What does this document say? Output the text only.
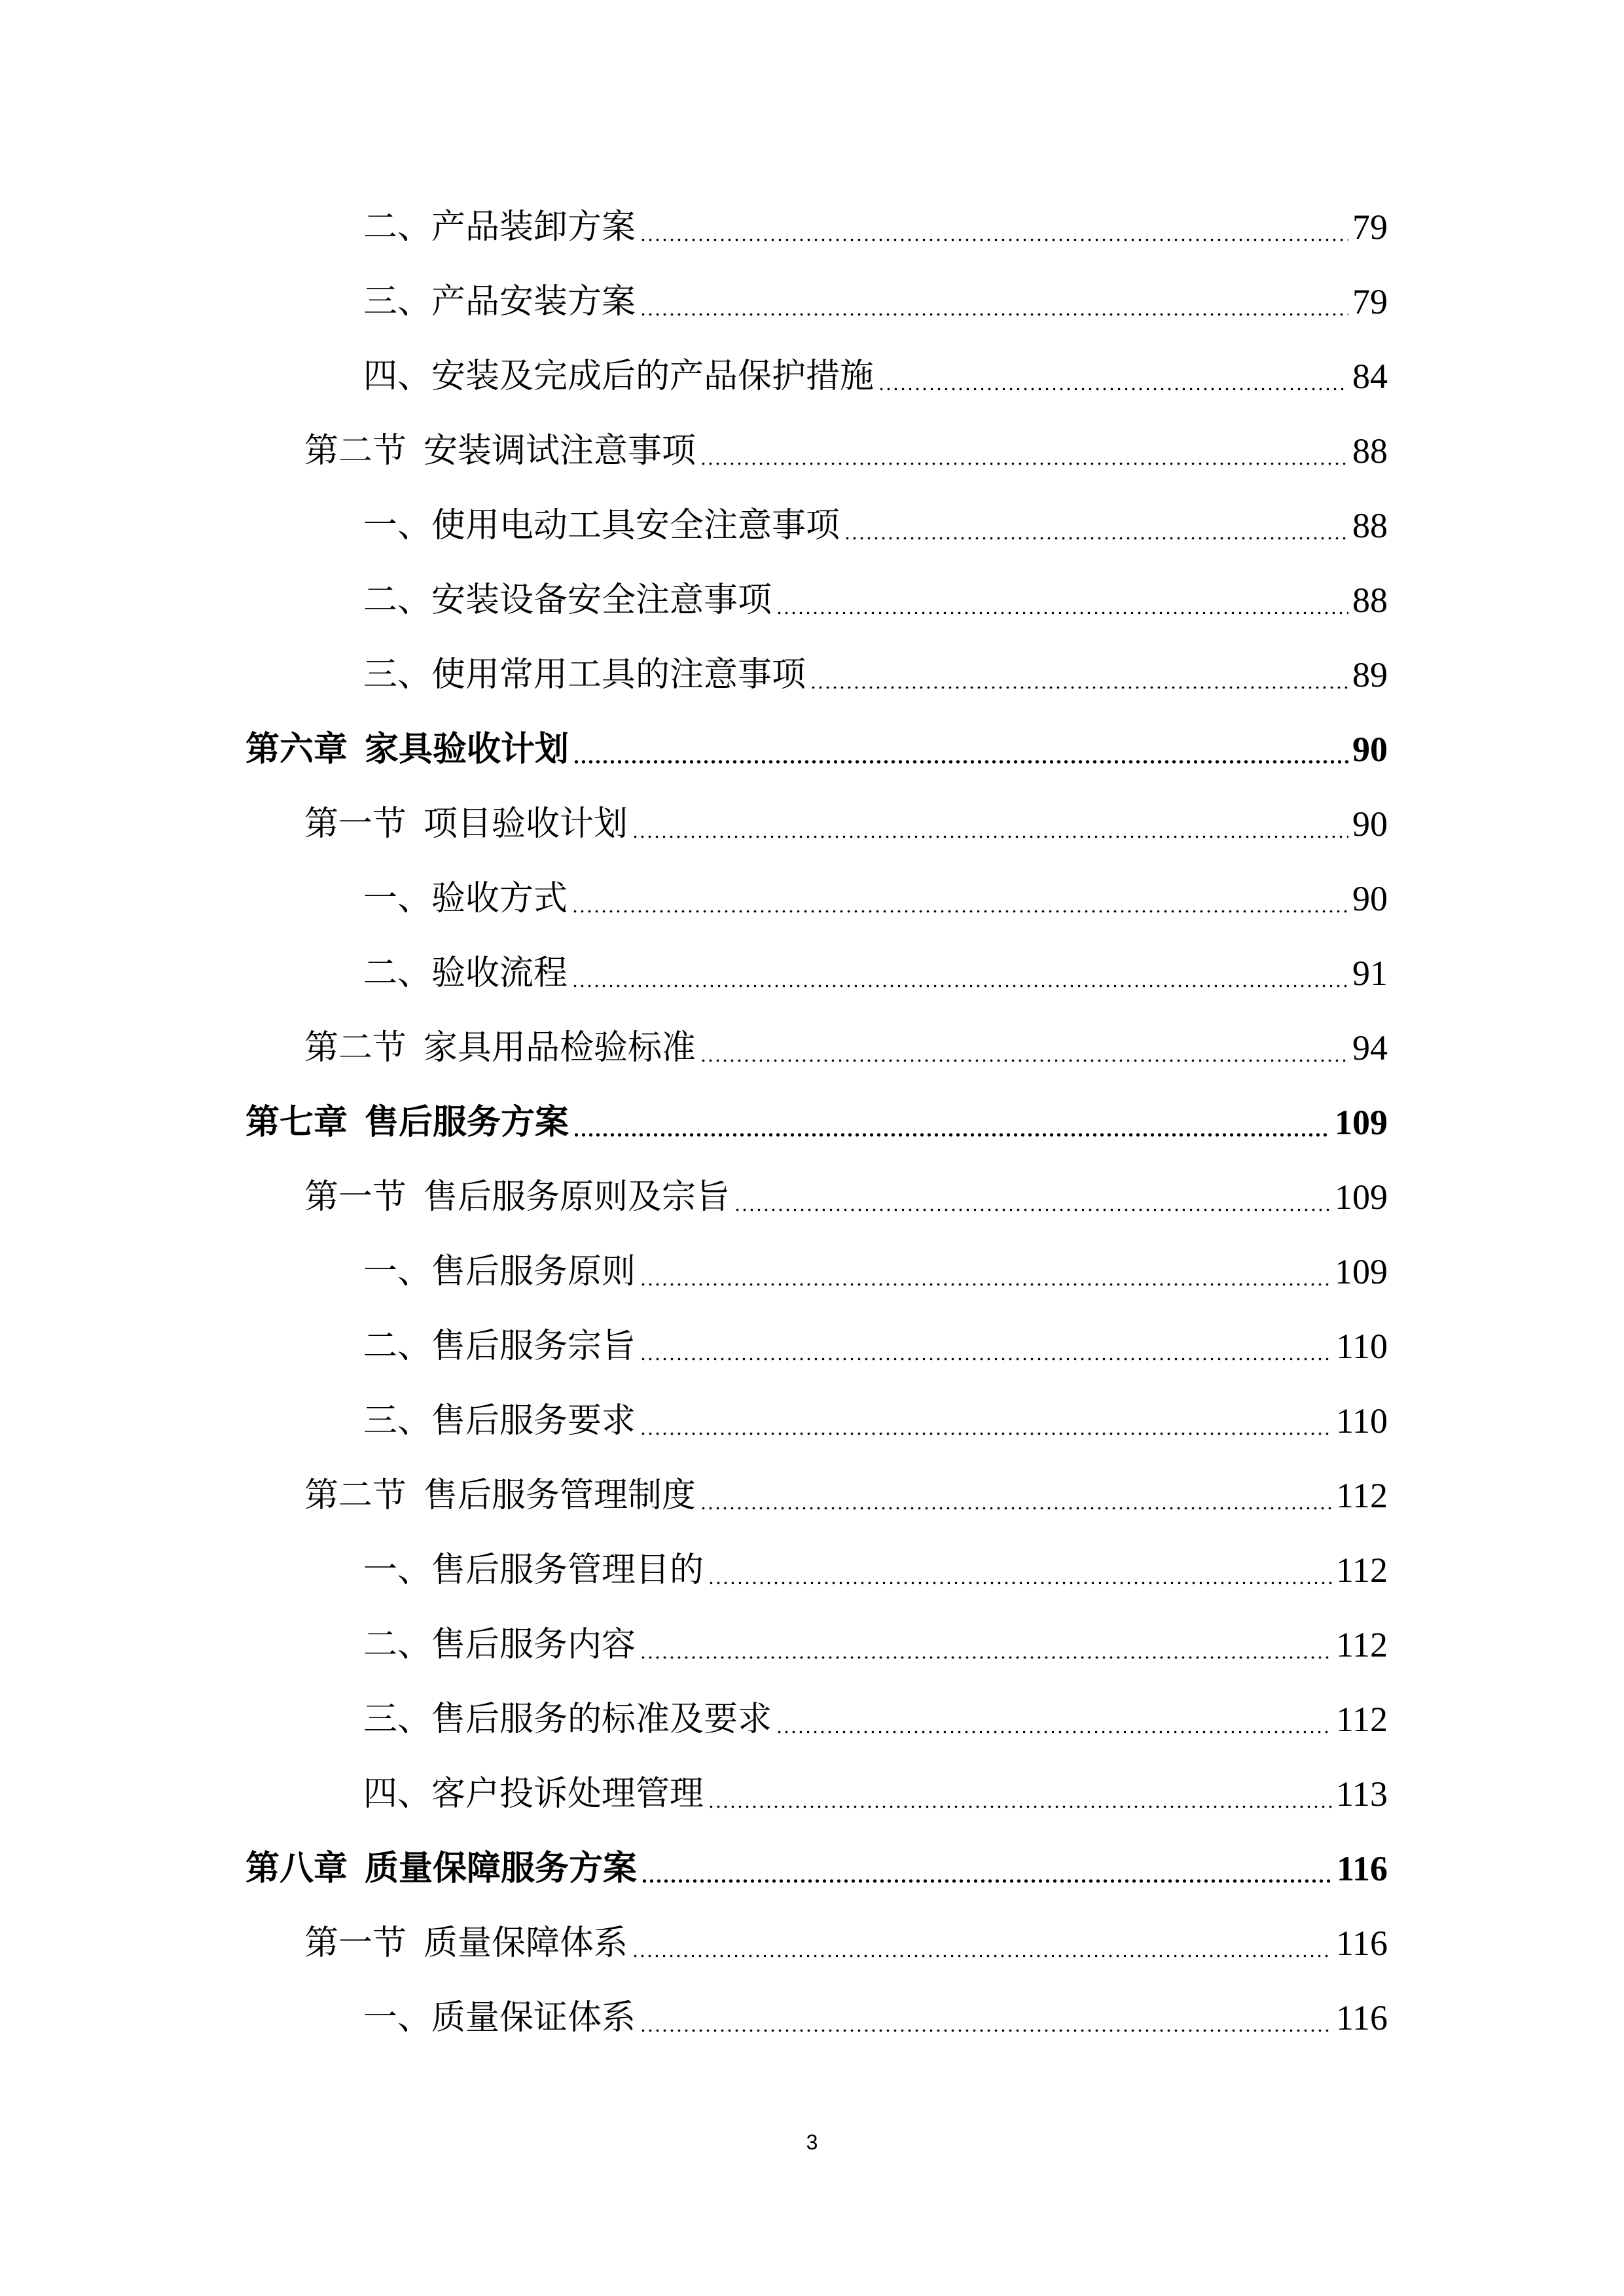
二、产品装卸方案	79
三、产品安装方案	79
四、安装及完成后的产品保护措施	84
第二节 安装调试注意事项	88
一、使用电动工具安全注意事项	88
二、安装设备安全注意事项	88
三、使用常用工具的注意事项	89
第六章 家具验收计划	90
第一节 项目验收计划	90
一、验收方式	90
二、验收流程	91
第二节 家具用品检验标准	94
第七章 售后服务方案	109
第一节 售后服务原则及宗旨	109
一、售后服务原则	109
二、售后服务宗旨	110
三、售后服务要求	110
第二节 售后服务管理制度	112
一、售后服务管理目的	112
二、售后服务内容	112
三、售后服务的标准及要求	112
四、客户投诉处理管理	113
第八章 质量保障服务方案	116
第一节 质量保障体系	116
一、质量保证体系	116
3
